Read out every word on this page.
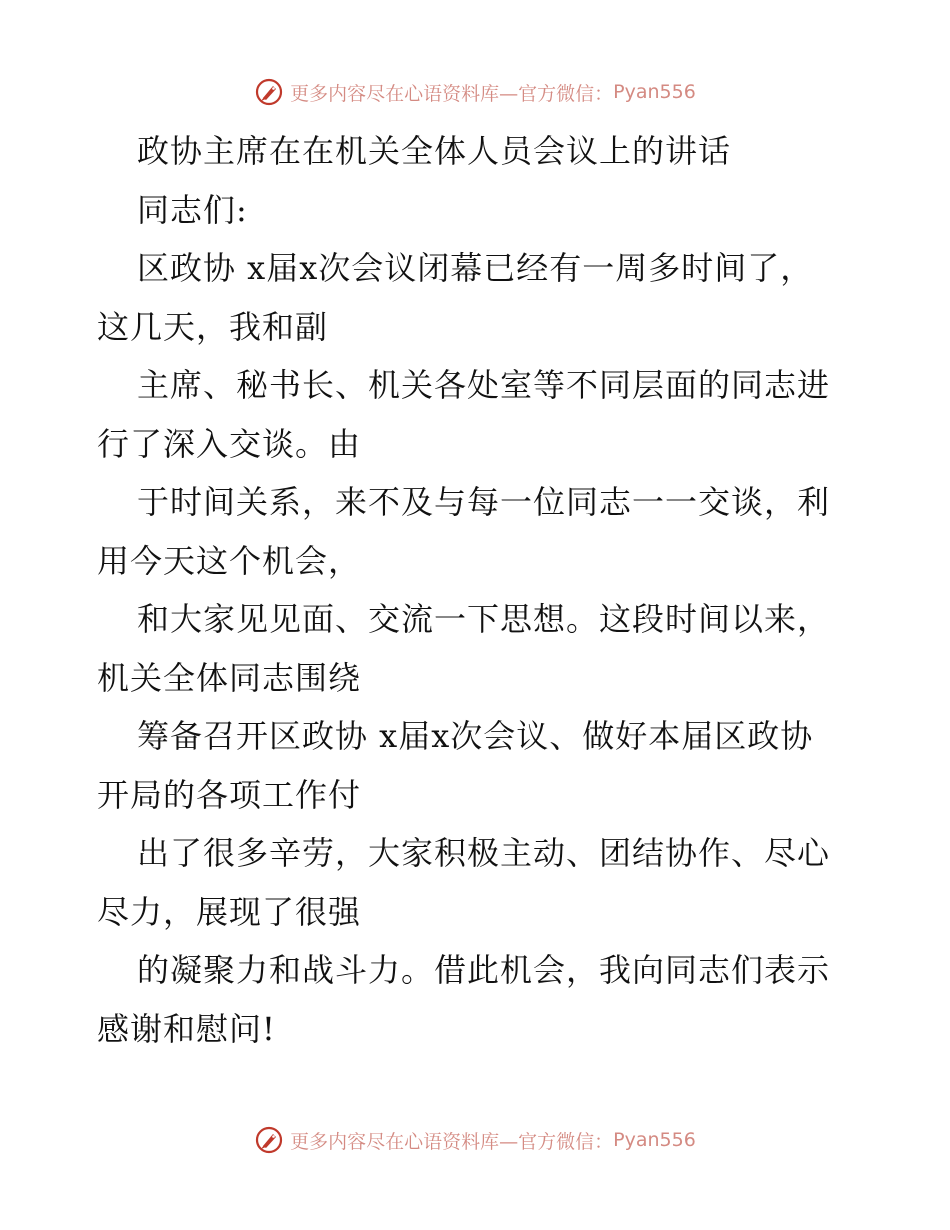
更多内容尽在心语资料库—官方微信： Pyan556
政协主席在在机关全体人员会议上的讲话
同志们:
区政协 x届x次会议闭幕已经有一周多时间了，
这几天，我和副
主席、秘书长、机关各处室等不同层面的同志进
行了深入交谈。由
于时间关系，来不及与每一位同志一一交谈，利
用今天这个机会，
和大家见见面、交流一下思想。这段时间以来，
机关全体同志围绕
筹备召开区政协 x届x次会议、做好本届区政协
开局的各项工作付
出了很多辛劳，大家积极主动、团结协作、尽心
尽力，展现了很强
的凝聚力和战斗力。借此机会，我向同志们表示
感谢和慰问!
更多内容尽在心语资料库—官方微信： Pyan556
